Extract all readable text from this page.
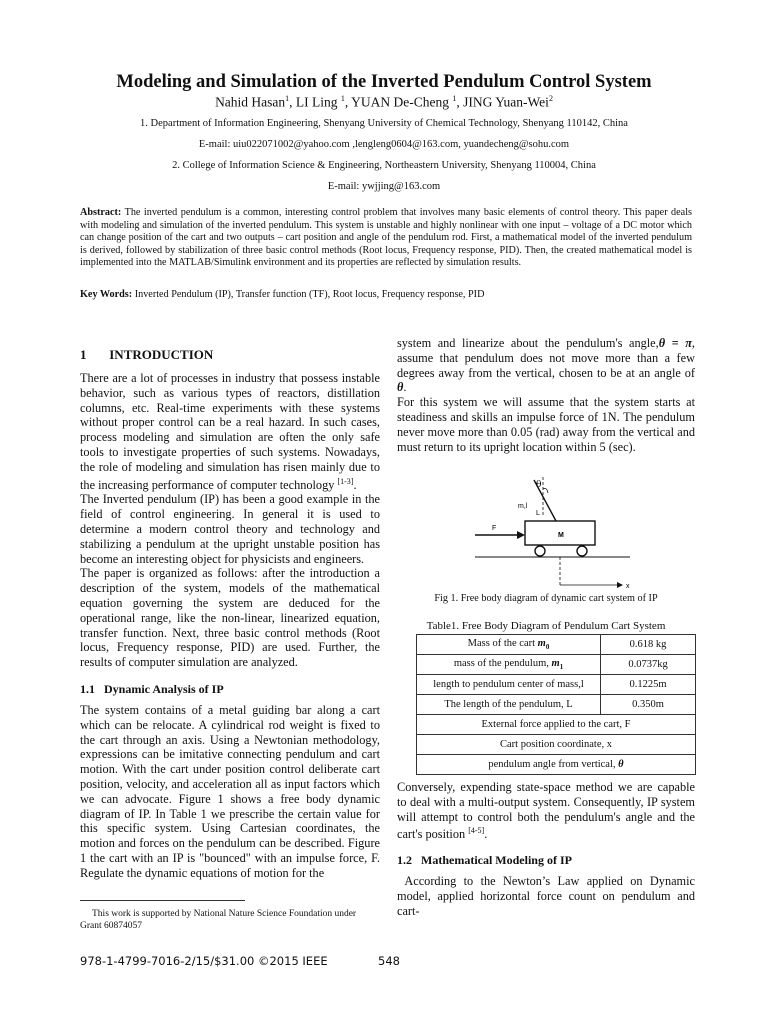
Modeling and Simulation of the Inverted Pendulum Control System
Nahid Hasan$^1$, LI Ling $^1$, YUAN De-Cheng $^1$, JING Yuan-Wei$^2$
1. Department of Information Engineering, Shenyang University of Chemical Technology, Shenyang 110142, China
E-mail: uiu022071002@yahoo.com ,lengleng0604@163.com, yuandecheng@sohu.com
2. College of Information Science & Engineering, Northeastern University, Shenyang 110004, China
E-mail: ywjjing@163.com
Abstract: The inverted pendulum is a common, interesting control problem that involves many basic elements of control theory. This paper deals with modeling and simulation of the inverted pendulum. This system is unstable and highly nonlinear with one input – voltage of a DC motor which can change position of the cart and two outputs – cart position and angle of the pendulum rod. First, a mathematical model of the inverted pendulum is derived, followed by stabilization of three basic control methods (Root locus, Frequency response, PID). Then, the created mathematical model is implemented into the MATLAB/Simulink environment and its properties are reflected by simulation results.
Key Words: Inverted Pendulum (IP), Transfer function (TF), Root locus, Frequency response, PID
1       INTRODUCTION

There are a lot of processes in industry that possess instable behavior, such as various types of reactors, distillation columns, etc. Real-time experiments with these systems without proper control can be a real hazard. In such cases, process modeling and simulation are often the only safe tools to investigate properties of such systems. Nowadays, the role of modeling and simulation has risen mainly due to the increasing performance of computer technology [1-3].

The Inverted pendulum (IP) has been a good example in the field of control engineering. In general it is used to determine a modern control theory and technology and stabilizing a pendulum at the upright unstable position has become an interesting object for physicists and engineers.

The paper is organized as follows: after the introduction a description of the system, models of the mathematical equation governing the system are deduced for the operational range, like the non-linear, linearized equation, transfer function. Next, three basic control methods (Root locus, Frequency response, PID) are used. Further, the results of computer simulation are analyzed.

1.1   Dynamic Analysis of IP

The system contains of a metal guiding bar along a cart which can be relocate. A cylindrical rod weight is fixed to the cart through an axis. Using a Newtonian methodology, expressions can be imitative connecting pendulum and cart motion. With the cart under position control deliberate cart position, velocity, and acceleration all as input factors which we can advocate. Figure 1 shows a free body dynamic diagram of IP. In Table 1 we prescribe the certain value for this specific system. Using Cartesian coordinates, the motion and forces on the pendulum can be described. Figure 1 the cart with an IP is "bounced" with an impulse force, F. Regulate the dynamic equations of motion for the

This work is supported by National Nature Science Foundation under Grant 60874057

system and linearize about the pendulum's angle,θ = π, assume that pendulum does not move more than a few degrees away from the vertical, chosen to be at an angle of θ.

For this system we will assume that the system starts at steadiness and skills an impulse force of 1N. The pendulum never move more than 0.05 (rad) away from the vertical and must return to its upright location within 5 (sec).

θ
m,l
L
M
F
x
Fig 1. Free body diagram of dynamic cart system of IP
Table1. Free Body Diagram of Pendulum Cart System
Mass of the cart $m_0$	0.618 kg
mass of the pendulum, $m_1$	0.0737kg
length to pendulum center of mass,l	0.1225m
The length of the pendulum, L	0.350m
External force applied to the cart, F	
Cart position coordinate, x	
pendulum angle from vertical, θ	

Conversely, expending state-space method we are capable to deal with a multi-output system. Consequently, IP system will attempt to control both the pendulum's angle and the cart's position [4-5].

1.2   Mathematical Modeling of IP
According to the Newton’s Law applied on Dynamic model, applied horizontal force count on pendulum and cart-
978-1-4799-7016-2/15/$31.00 ©2015 IEEE	548
